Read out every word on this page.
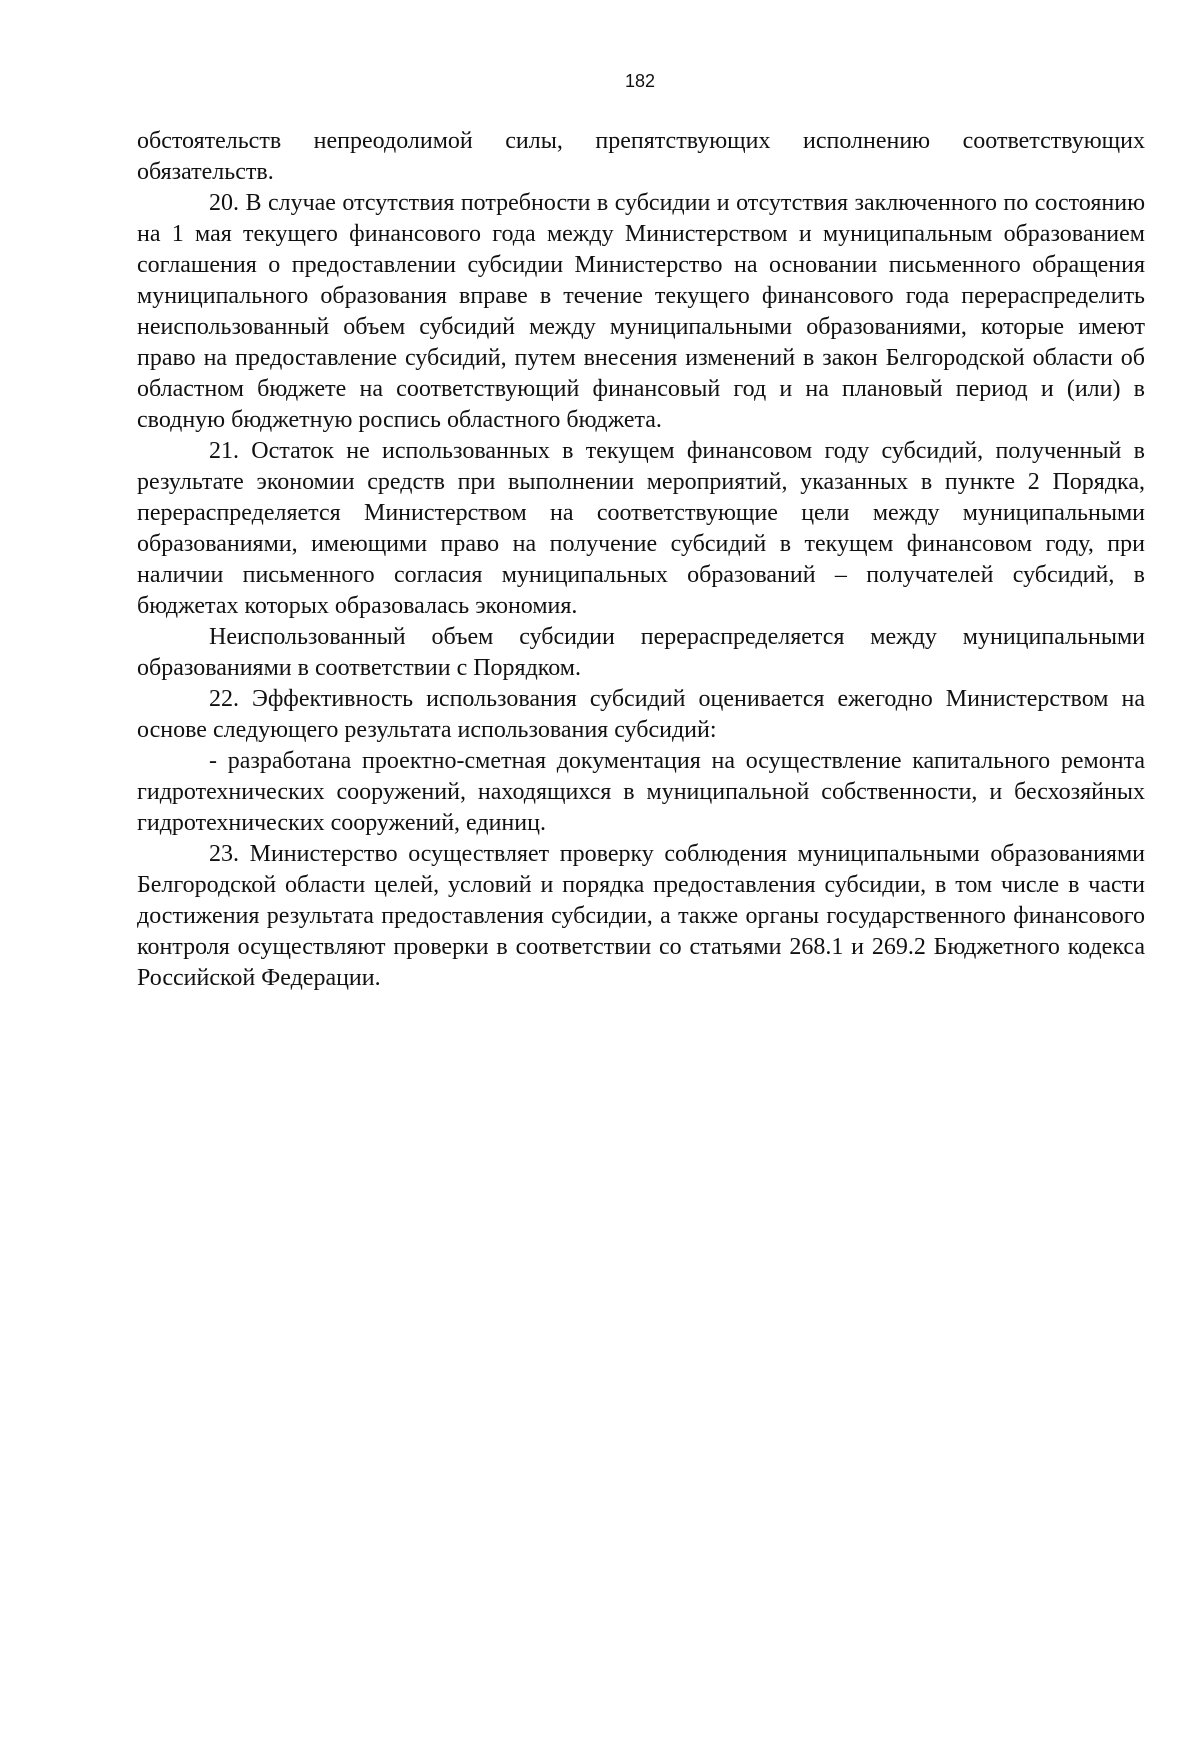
182

обстоятельств непреодолимой силы, препятствующих исполнению соответствующих обязательств.

20. В случае отсутствия потребности в субсидии и отсутствия заключенного по состоянию на 1 мая текущего финансового года между Министерством и муниципальным образованием соглашения о предоставлении субсидии Министерство на основании письменного обращения муниципального образования вправе в течение текущего финансового года перераспределить неиспользованный объем субсидий между муниципальными образованиями, которые имеют право на предоставление субсидий, путем внесения изменений в закон Белгородской области об областном бюджете на соответствующий финансовый год и на плановый период и (или) в сводную бюджетную роспись областного бюджета.

21. Остаток не использованных в текущем финансовом году субсидий, полученный в результате экономии средств при выполнении мероприятий, указанных в пункте 2 Порядка, перераспределяется Министерством на соответствующие цели между муниципальными образованиями, имеющими право на получение субсидий в текущем финансовом году, при наличии письменного согласия муниципальных образований – получателей субсидий, в бюджетах которых образовалась экономия.

Неиспользованный объем субсидии перераспределяется между муниципальными образованиями в соответствии с Порядком.

22. Эффективность использования субсидий оценивается ежегодно Министерством на основе следующего результата использования субсидий:

- разработана проектно-сметная документация на осуществление капитального ремонта гидротехнических сооружений, находящихся в муниципальной собственности, и бесхозяйных гидротехнических сооружений, единиц.

23. Министерство осуществляет проверку соблюдения муниципальными образованиями Белгородской области целей, условий и порядка предоставления субсидии, в том числе в части достижения результата предоставления субсидии, а также органы государственного финансового контроля осуществляют проверки в соответствии со статьями 268.1 и 269.2 Бюджетного кодекса Российской Федерации.
